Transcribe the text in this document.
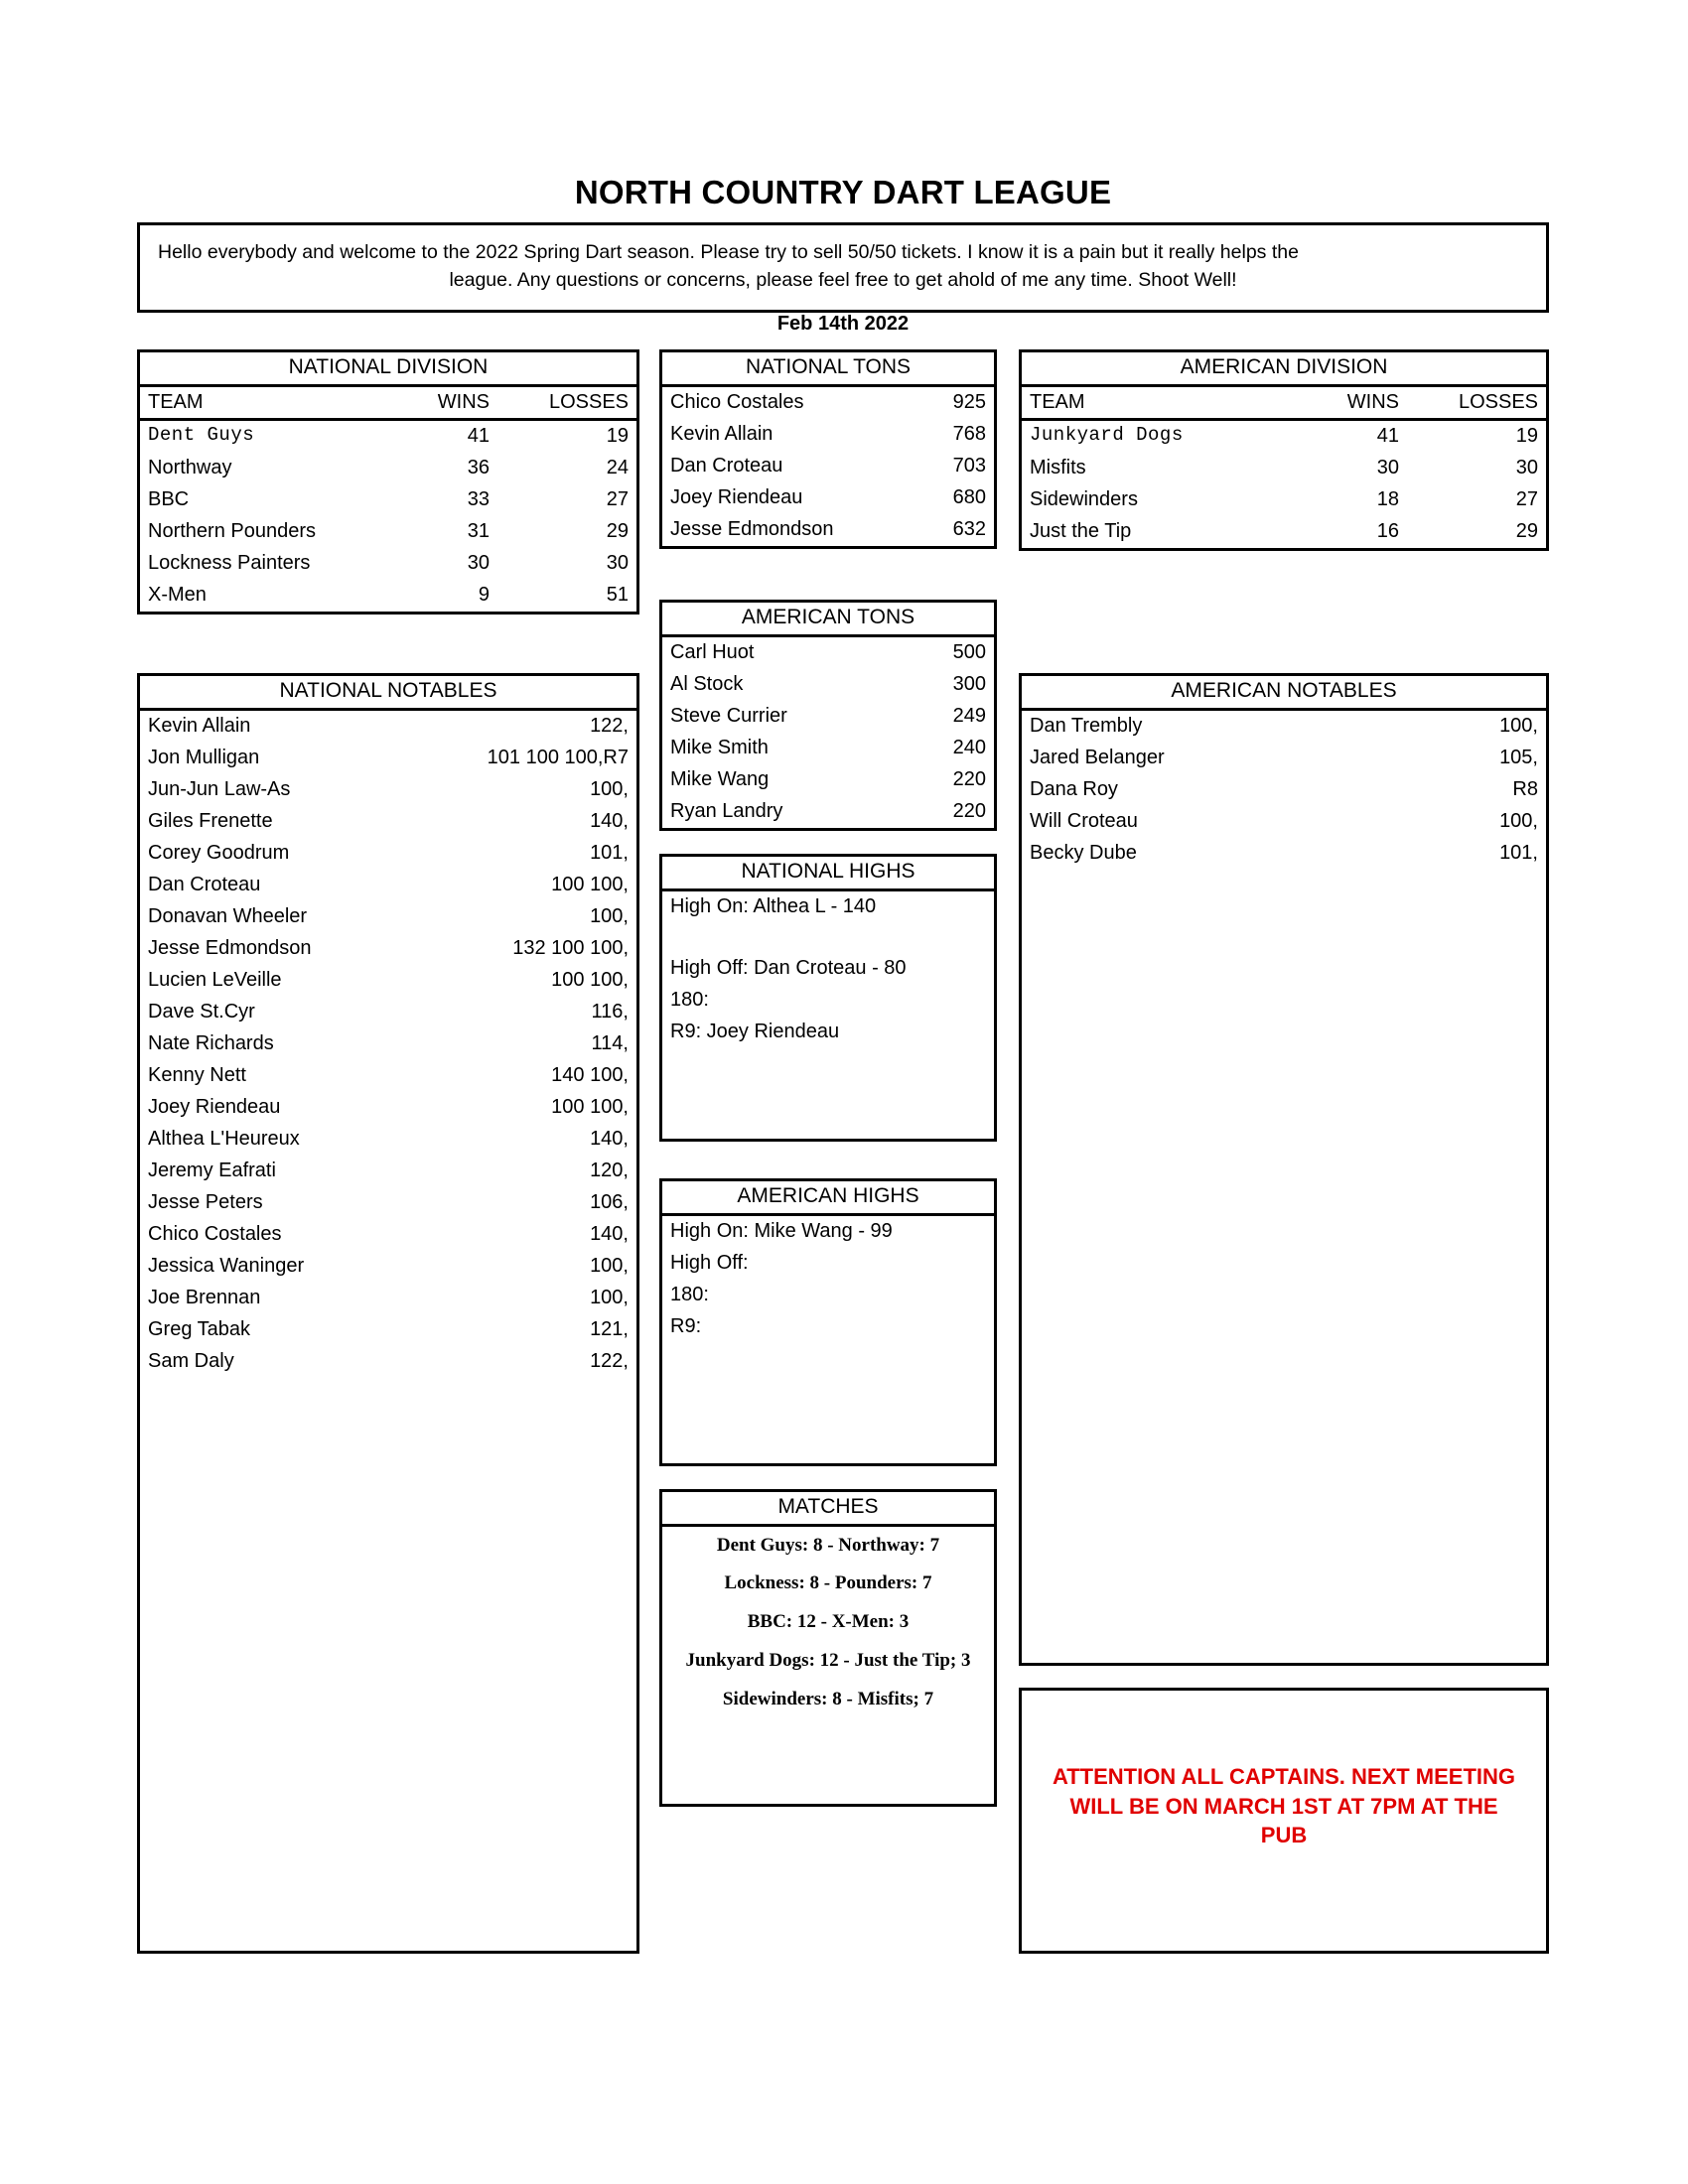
NORTH COUNTRY DART LEAGUE
Hello everybody and welcome to the 2022 Spring Dart season. Please try to sell 50/50 tickets. I know it is a pain but it really helps the
league. Any questions or concerns, please feel free to get ahold of me any time. Shoot Well!
Feb 14th 2022
NATIONAL DIVISION
TEAM	WINS	LOSSES
Dent Guys	41	19
Northway	36	24
BBC	33	27
Northern Pounders	31	29
Lockness Painters	30	30
X-Men	9	51
NATIONAL NOTABLES
Kevin Allain	122,
Jon Mulligan	101 100 100,R7
Jun-Jun Law-As	100,
Giles Frenette	140,
Corey Goodrum	101,
Dan Croteau	100 100,
Donavan Wheeler	100,
Jesse Edmondson	132 100 100,
Lucien LeVeille	100 100,
Dave St.Cyr	116,
Nate Richards	114,
Kenny Nett	140 100,
Joey Riendeau	100 100,
Althea L'Heureux	140,
Jeremy Eafrati	120,
Jesse Peters	106,
Chico Costales	140,
Jessica Waninger	100,
Joe Brennan	100,
Greg Tabak	121,
Sam Daly	122,
NATIONAL TONS
Chico Costales	925
Kevin Allain	768
Dan Croteau	703
Joey Riendeau	680
Jesse Edmondson	632
AMERICAN TONS
Carl Huot	500
Al Stock	300
Steve Currier	249
Mike Smith	240
Mike Wang	220
Ryan Landry	220
NATIONAL HIGHS
High On: Althea L - 140
High Off: Dan Croteau - 80
180:
R9: Joey Riendeau
AMERICAN HIGHS
High On: Mike Wang - 99
High Off:
180:
R9:
MATCHES
Dent Guys: 8 - Northway: 7
Lockness: 8 - Pounders: 7
BBC: 12 - X-Men: 3
Junkyard Dogs: 12 - Just the Tip; 3
Sidewinders: 8 - Misfits; 7
AMERICAN DIVISION
TEAM	WINS	LOSSES
Junkyard Dogs	41	19
Misfits	30	30
Sidewinders	18	27
Just the Tip	16	29
AMERICAN NOTABLES
Dan Trembly	100,
Jared Belanger	105,
Dana Roy	R8
Will Croteau	100,
Becky Dube	101,
ATTENTION ALL CAPTAINS. NEXT MEETING WILL BE ON MARCH 1ST AT 7PM AT THE PUB
